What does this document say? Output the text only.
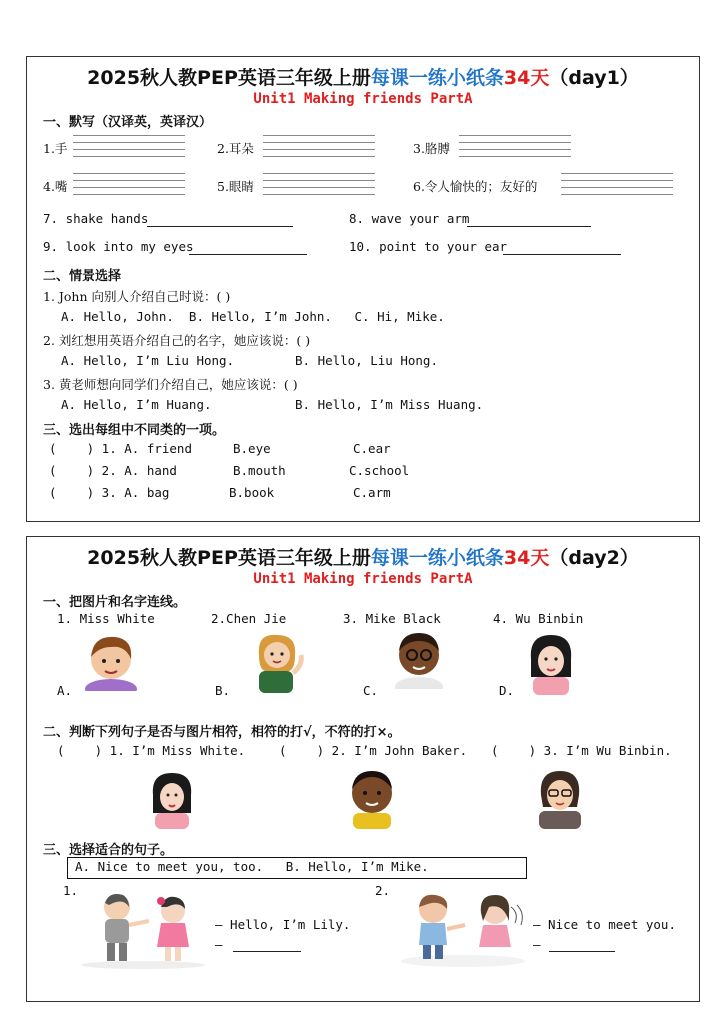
2025秋人教PEP英语三年级上册每课一练小纸条34天（day1）
Unit1 Making friends PartA
一、默写（汉译英，英译汉）
1.手	2.耳朵	3.胳膊
4.嘴	5.眼睛	6.令人愉快的；友好的
7. shake hands	8. wave your arm
9. look into my eyes	10. point to your ear
二、情景选择
1. John 向别人介绍自己时说：( )
A. Hello, John.  B. Hello, I’m John.   C. Hi, Mike.
2. 刘红想用英语介绍自己的名字，她应该说：( )
A. Hello, I’m Liu Hong.	B. Hello, Liu Hong.
3. 黄老师想向同学们介绍自己，她应该说：( )
A. Hello, I’m Huang.	B. Hello, I’m Miss Huang.
三、选出每组中不同类的一项。
(    ) 1. A. friend	B.eye	C.ear
(    ) 2. A. hand	B.mouth	C.school
(    ) 3. A. bag	B.book	C.arm
2025秋人教PEP英语三年级上册每课一练小纸条34天（day2）
Unit1 Making friends PartA
一、把图片和名字连线。
1. Miss White	2.Chen Jie	3. Mike Black	4. Wu Binbin
A.	B.	C.	D.
二、判断下列句子是否与图片相符，相符的打√，不符的打×。
(    ) 1. I’m Miss White.	(    ) 2. I’m John Baker. (    ) 3. I’m Wu Binbin.
三、选择适合的句子。
A. Nice to meet you, too.   B. Hello, I’m Mike.
1.
— Hello, I’m Lily.
—
2.
— Nice to meet you.
—
